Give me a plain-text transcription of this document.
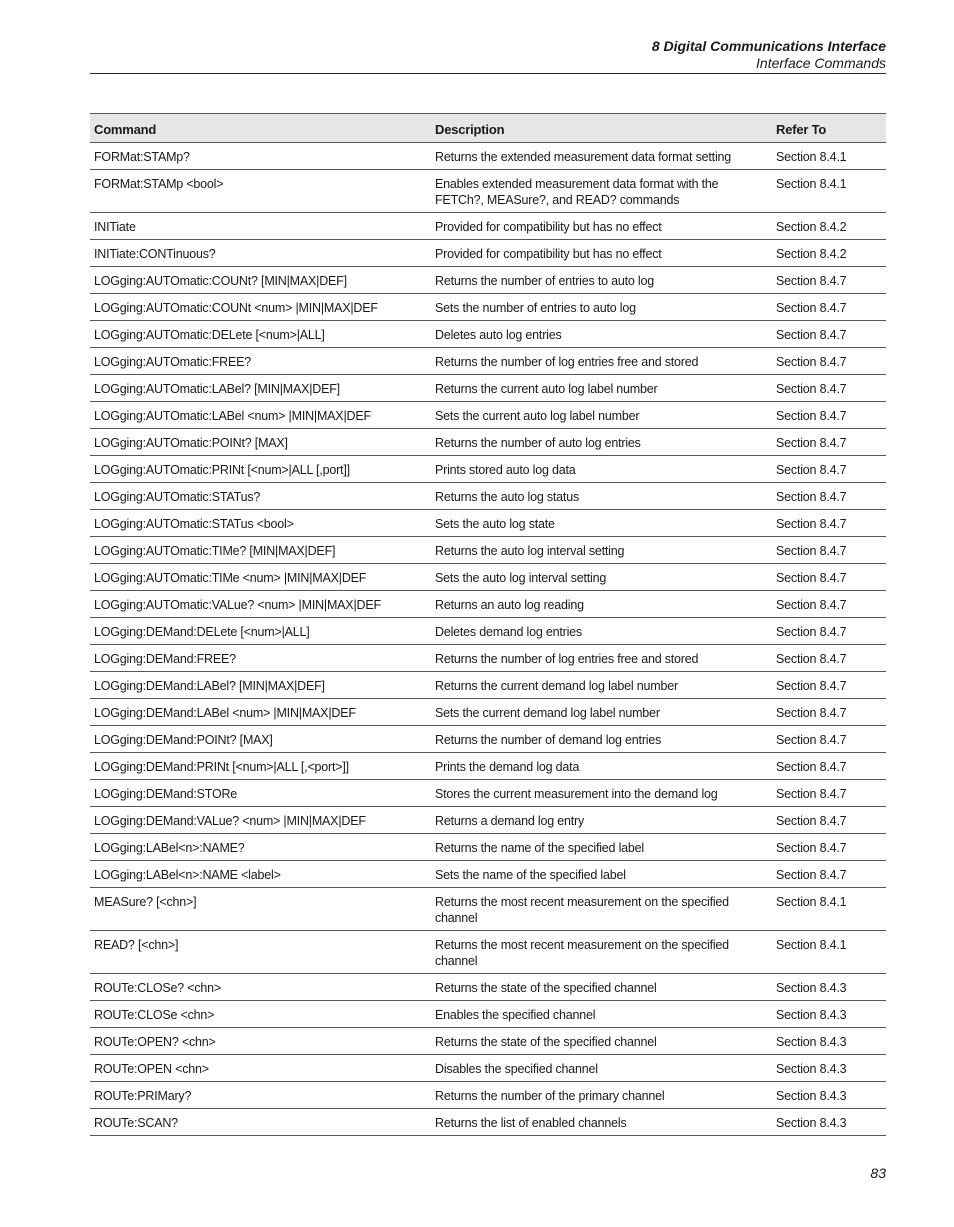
8 Digital Communications Interface
Interface Commands
Command	Description	Refer To
FORMat:STAMp?	Returns the extended measurement data format setting	Section 8.4.1
FORMat:STAMp <bool>	Enables extended measurement data format with the FETCh?, MEASure?, and READ? commands	Section 8.4.1
INITiate	Provided for compatibility but has no effect	Section 8.4.2
INITiate:CONTinuous?	Provided for compatibility but has no effect	Section 8.4.2
LOGging:AUTOmatic:COUNt? [MIN|MAX|DEF]	Returns the number of entries to auto log	Section 8.4.7
LOGging:AUTOmatic:COUNt <num> |MIN|MAX|DEF	Sets the number of entries to auto log	Section 8.4.7
LOGging:AUTOmatic:DELete [<num>|ALL]	Deletes auto log entries	Section 8.4.7
LOGging:AUTOmatic:FREE?	Returns the number of log entries free and stored	Section 8.4.7
LOGging:AUTOmatic:LABel? [MIN|MAX|DEF]	Returns the current auto log label number	Section 8.4.7
LOGging:AUTOmatic:LABel <num> |MIN|MAX|DEF	Sets the current auto log label number	Section 8.4.7
LOGging:AUTOmatic:POINt? [MAX]	Returns the number of auto log entries	Section 8.4.7
LOGging:AUTOmatic:PRINt [<num>|ALL [,port]]	Prints stored auto log data	Section 8.4.7
LOGging:AUTOmatic:STATus?	Returns the auto log status	Section 8.4.7
LOGging:AUTOmatic:STATus <bool>	Sets the auto log state	Section 8.4.7
LOGging:AUTOmatic:TIMe? [MIN|MAX|DEF]	Returns the auto log interval setting	Section 8.4.7
LOGging:AUTOmatic:TIMe <num> |MIN|MAX|DEF	Sets the auto log interval setting	Section 8.4.7
LOGging:AUTOmatic:VALue? <num> |MIN|MAX|DEF	Returns an auto log reading	Section 8.4.7
LOGging:DEMand:DELete [<num>|ALL]	Deletes demand log entries	Section 8.4.7
LOGging:DEMand:FREE?	Returns the number of log entries free and stored	Section 8.4.7
LOGging:DEMand:LABel? [MIN|MAX|DEF]	Returns the current demand log label number	Section 8.4.7
LOGging:DEMand:LABel <num> |MIN|MAX|DEF	Sets the current demand log label number	Section 8.4.7
LOGging:DEMand:POINt? [MAX]	Returns the number of demand log entries	Section 8.4.7
LOGging:DEMand:PRINt [<num>|ALL [,<port>]]	Prints the demand log data	Section 8.4.7
LOGging:DEMand:STORe	Stores the current measurement into the demand log	Section 8.4.7
LOGging:DEMand:VALue? <num> |MIN|MAX|DEF	Returns a demand log entry	Section 8.4.7
LOGging:LABel<n>:NAME?	Returns the name of the specified label	Section 8.4.7
LOGging:LABel<n>:NAME <label>	Sets the name of the specified label	Section 8.4.7
MEASure? [<chn>]	Returns the most recent measurement on the specified channel	Section 8.4.1
READ? [<chn>]	Returns the most recent measurement on the specified channel	Section 8.4.1
ROUTe:CLOSe? <chn>	Returns the state of the specified channel	Section 8.4.3
ROUTe:CLOSe <chn>	Enables the specified channel	Section 8.4.3
ROUTe:OPEN? <chn>	Returns the state of the specified channel	Section 8.4.3
ROUTe:OPEN <chn>	Disables the specified channel	Section 8.4.3
ROUTe:PRIMary?	Returns the number of the primary channel	Section 8.4.3
ROUTe:SCAN?	Returns the list of enabled channels	Section 8.4.3
83
